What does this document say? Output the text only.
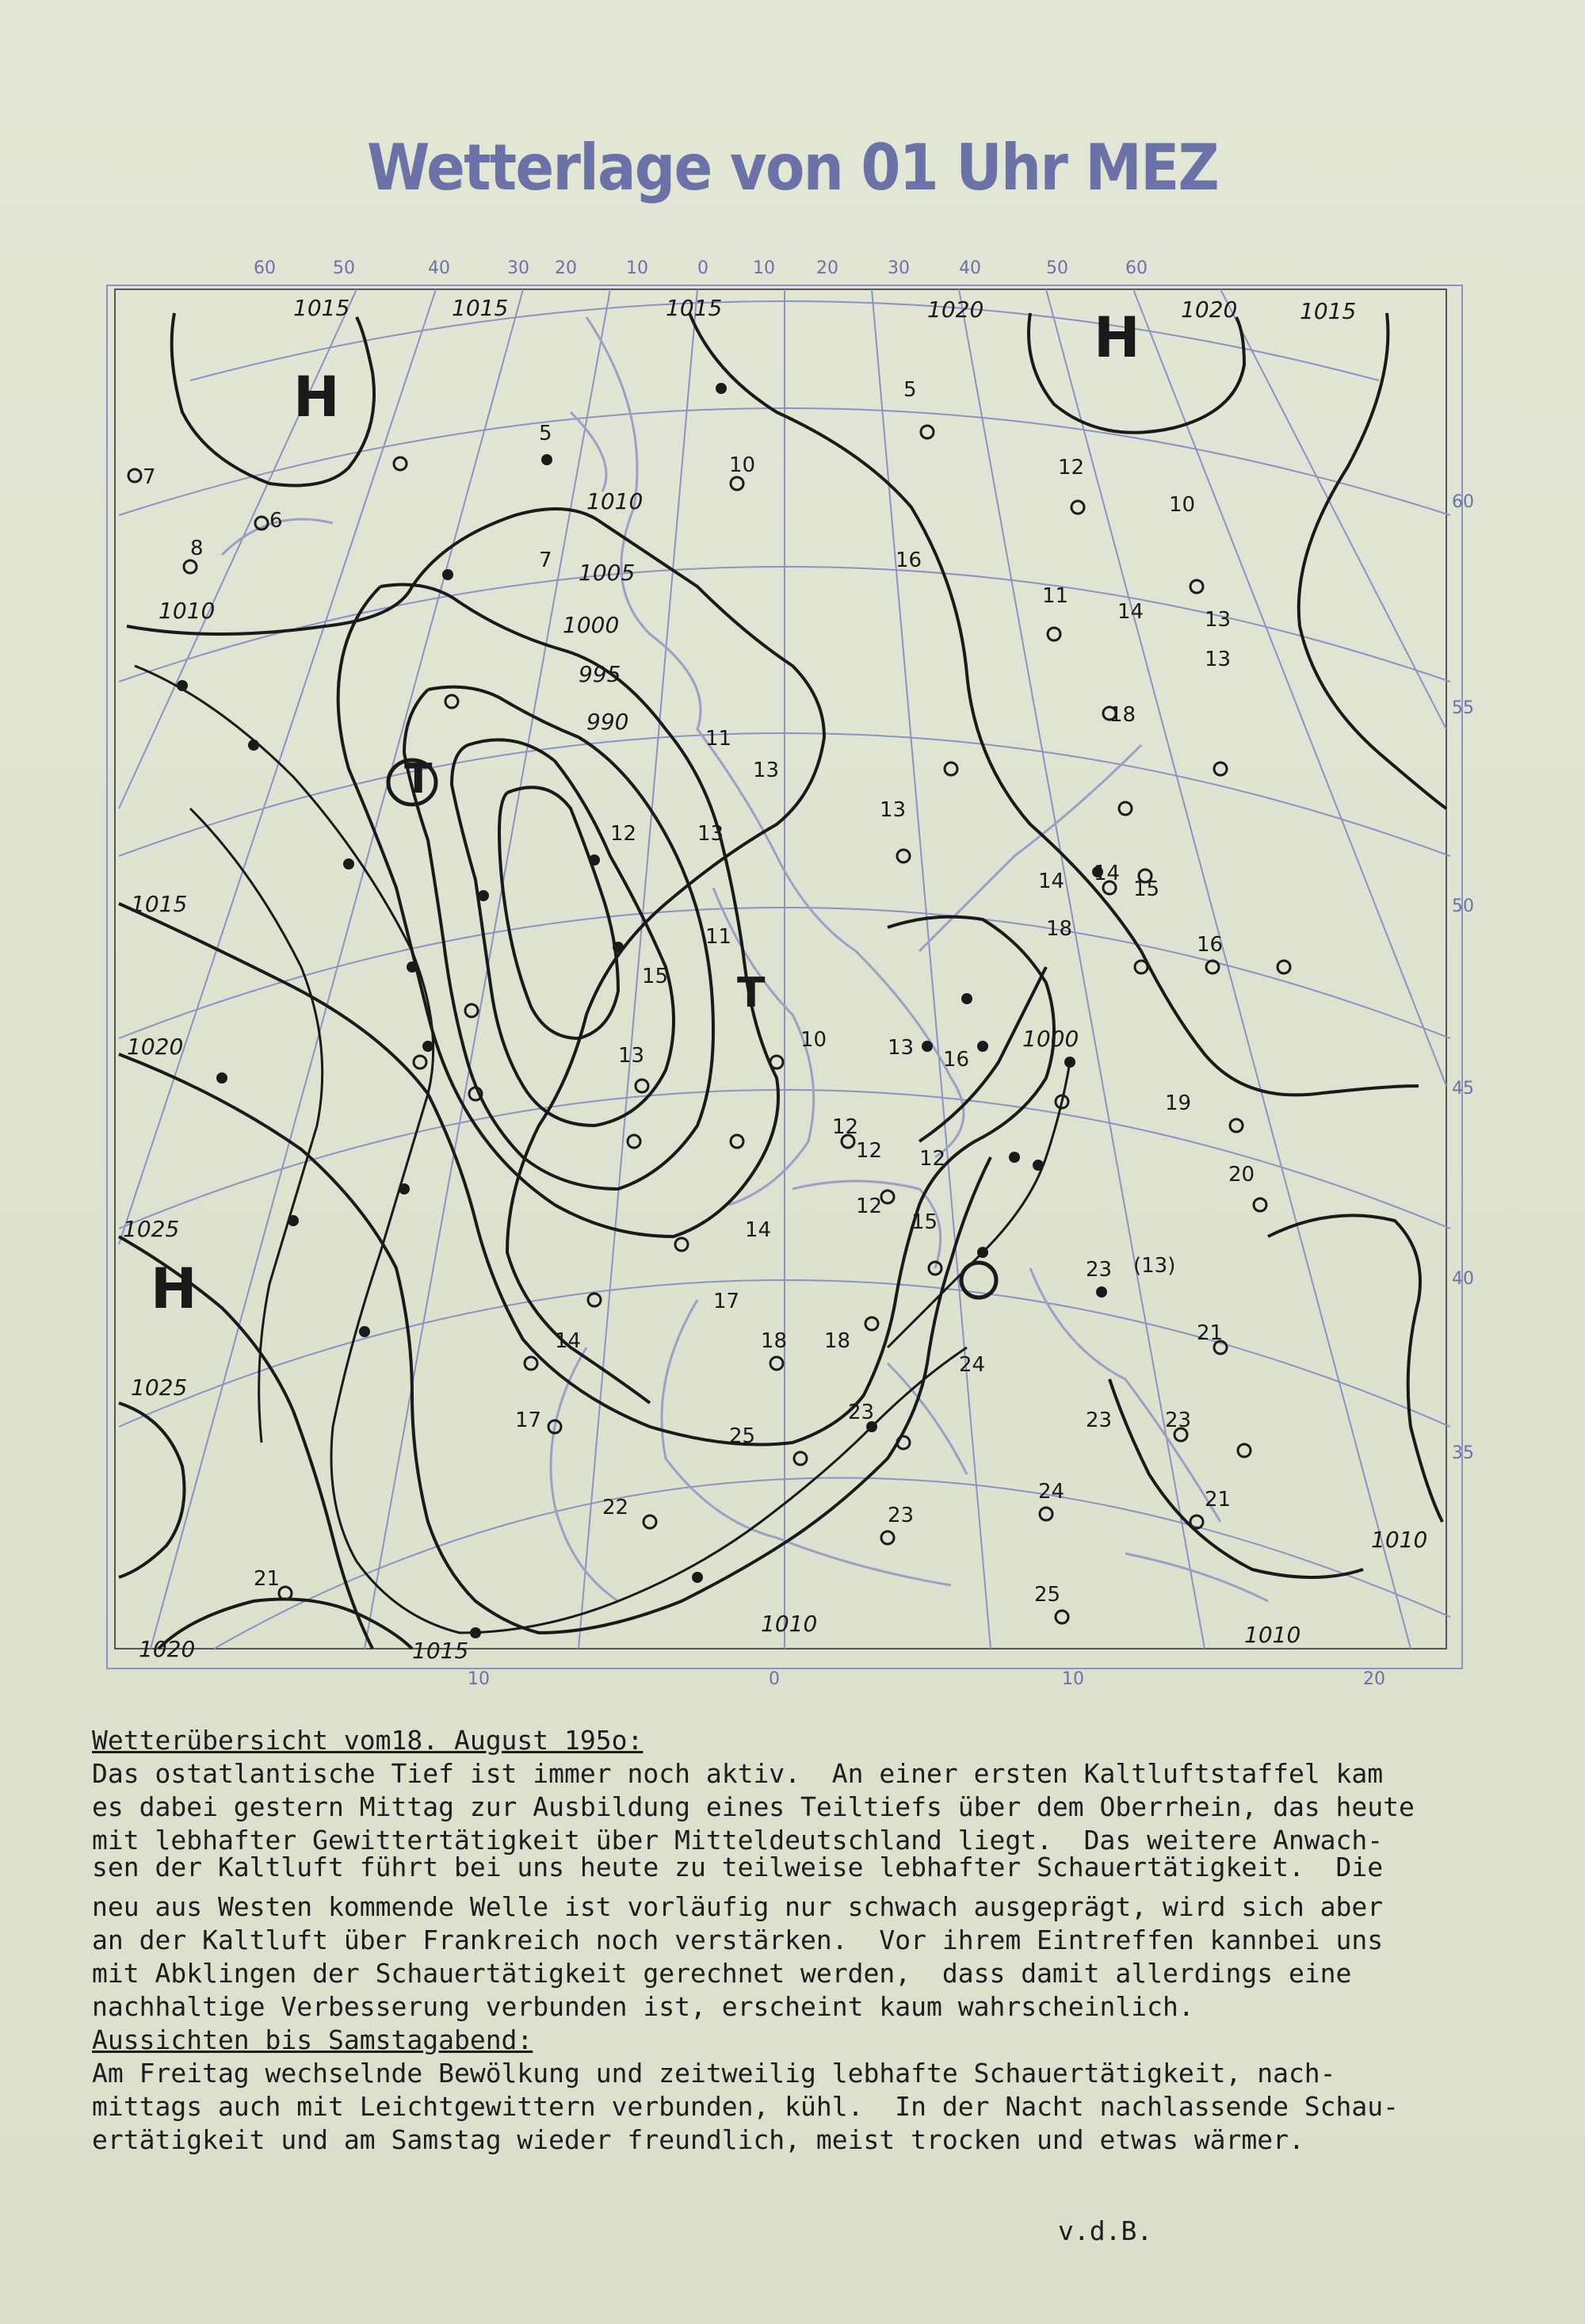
Wetterlage von 01 Uhr MEZ
1015	1015	1015	1020	1020	1015
1010
1010
1005
1000
995
990
1015
1020
1025
1025
1020	1015
1010	1010
1010
1000
H
H
H
T
T
7
6
8
5
10	12
5
10
7	16
11
14	13
18
13
11
13
12	13
13
14 14
15
18
16
11
15
13
10	13 16
12
12 12
19
12
14	15
20
23 (13)
17
18
18
14	21
17
24
23
25
23
23
22	23
21
24
25
21
60	50	40	30 20	10	0	10 20	30	40	50	60
10	0	10	20
60
55
50
45
40
35
Wetterübersicht vom18. August 195o:
Das ostatlantische Tief ist immer noch aktiv.  An einer ersten Kaltluftstaffel kam
es dabei gestern Mittag zur Ausbildung eines Teiltiefs über dem Oberrhein, das heute
mit lebhafter Gewittertätigkeit über Mitteldeutschland liegt.  Das weitere Anwach-
sen der Kaltluft führt bei uns heute zu teilweise lebhafter Schauertätigkeit.  Die
neu aus Westen kommende Welle ist vorläufig nur schwach ausgeprägt, wird sich aber
an der Kaltluft über Frankreich noch verstärken.  Vor ihrem Eintreffen kannbei uns
mit Abklingen der Schauertätigkeit gerechnet werden,  dass damit allerdings eine
nachhaltige Verbesserung verbunden ist, erscheint kaum wahrscheinlich.
Aussichten bis Samstagabend:
Am Freitag wechselnde Bewölkung und zeitweilig lebhafte Schauertätigkeit, nach-
mittags auch mit Leichtgewittern verbunden, kühl.  In der Nacht nachlassende Schau-
ertätigkeit und am Samstag wieder freundlich, meist trocken und etwas wärmer.
v.d.B.
